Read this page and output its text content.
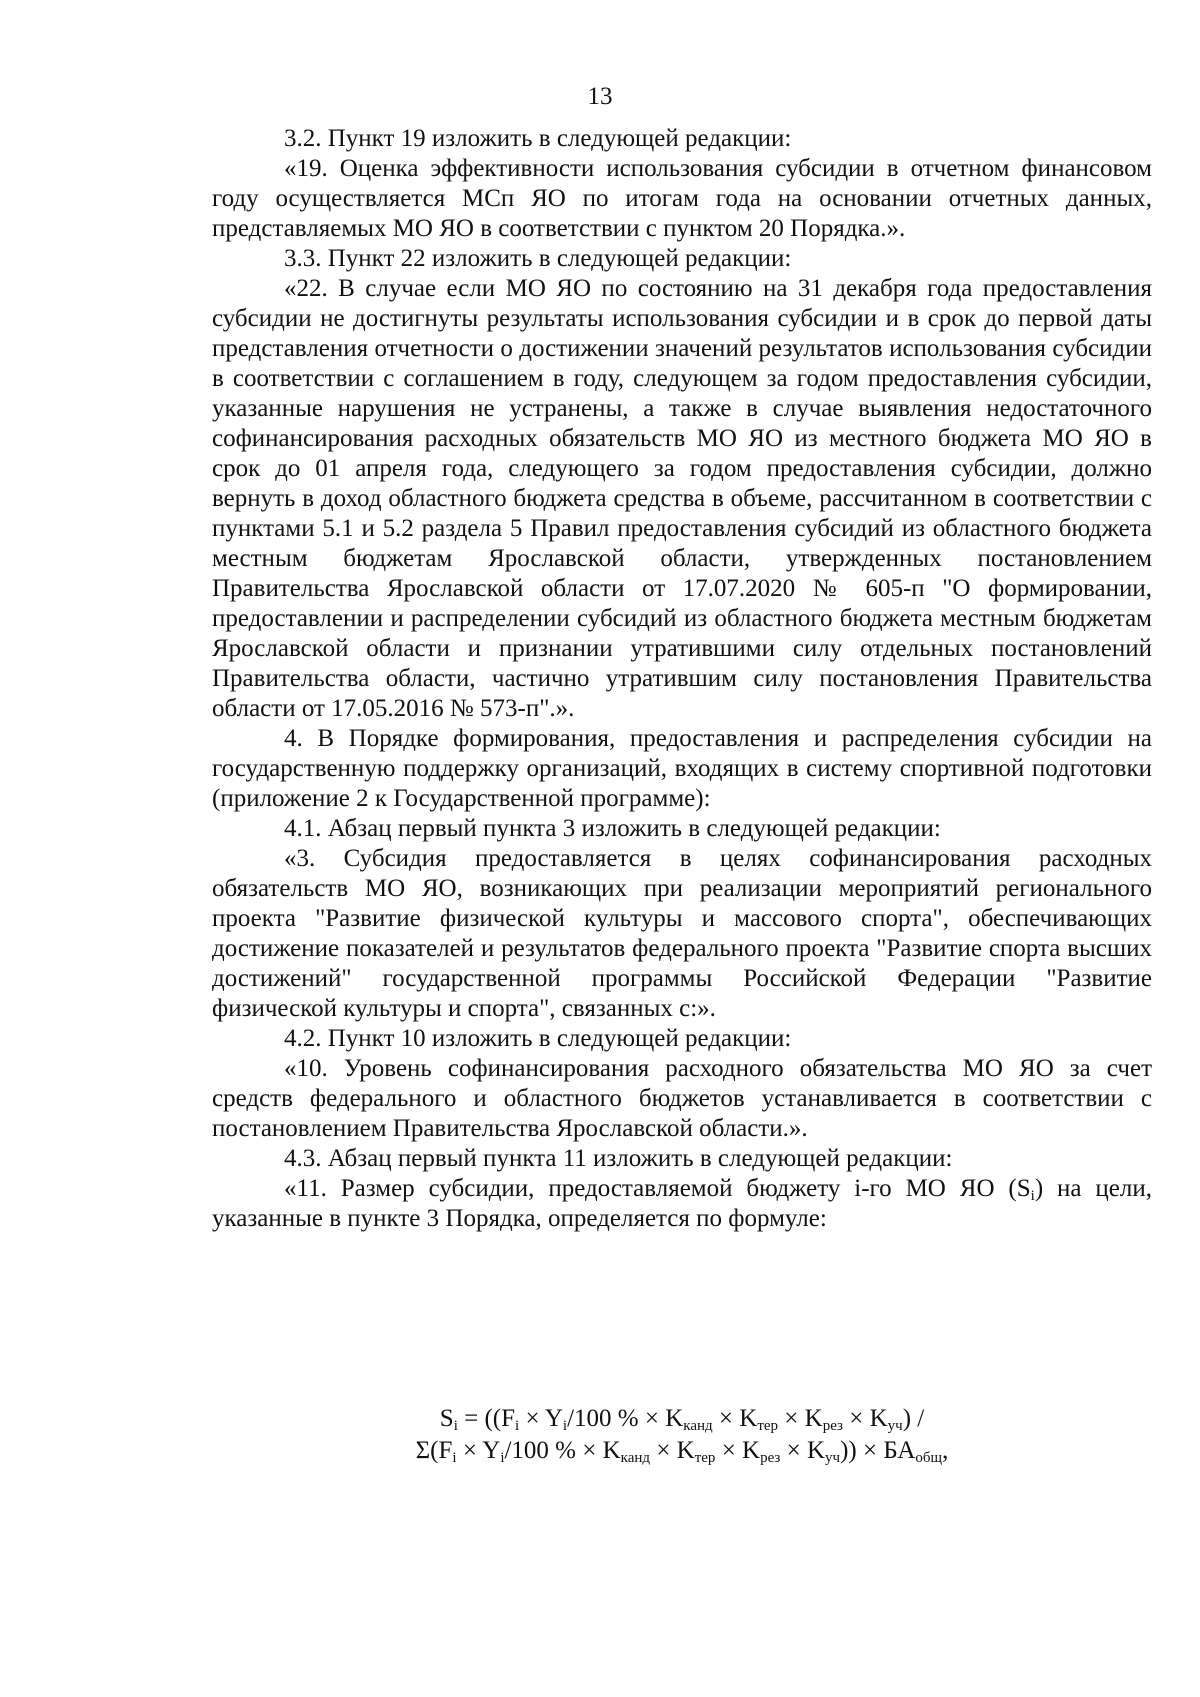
13

3.2. Пункт 19 изложить в следующей редакции:

«19. Оценка эффективности использования субсидии в отчетном финансовом году осуществляется МСп ЯО по итогам года на основании отчетных данных, представляемых МО ЯО в соответствии с пунктом 20 Порядка.».

3.3. Пункт 22 изложить в следующей редакции:

«22. В случае если МО ЯО по состоянию на 31 декабря года предоставления субсидии не достигнуты результаты использования субсидии и в срок до первой даты представления отчетности о достижении значений результатов использования субсидии в соответствии с соглашением в году, следующем за годом предоставления субсидии, указанные нарушения не устранены, а также в случае выявления недостаточного софинансирования расходных обязательств МО ЯО из местного бюджета МО ЯО в срок до 01 апреля года, следующего за годом предоставления субсидии, должно вернуть в доход областного бюджета средства в объеме, рассчитанном в соответствии с пунктами 5.1 и 5.2 раздела 5 Правил предоставления субсидий из областного бюджета местным бюджетам Ярославской области, утвержденных постановлением Правительства Ярославской области от 17.07.2020 № 605-п "О формировании, предоставлении и распределении субсидий из областного бюджета местным бюджетам Ярославской области и признании утратившими силу отдельных постановлений Правительства области, частично утратившим силу постановления Правительства области от 17.05.2016 № 573-п".».

4. В Порядке формирования, предоставления и распределения субсидии на государственную поддержку организаций, входящих в систему спортивной подготовки (приложение 2 к Государственной программе):

4.1. Абзац первый пункта 3 изложить в следующей редакции:

«3. Субсидия предоставляется в целях софинансирования расходных обязательств МО ЯО, возникающих при реализации мероприятий регионального проекта "Развитие физической культуры и массового спорта", обеспечивающих достижение показателей и результатов федерального проекта "Развитие спорта высших достижений" государственной программы Российской Федерации "Развитие физической культуры и спорта", связанных с:».

4.2. Пункт 10 изложить в следующей редакции:

«10. Уровень софинансирования расходного обязательства МО ЯО за счет средств федерального и областного бюджетов устанавливается в соответствии с постановлением Правительства Ярославской области.».

4.3. Абзац первый пункта 11 изложить в следующей редакции:

«11. Размер субсидии, предоставляемой бюджету i-го МО ЯО $(S_i)$ на цели, указанные в пункте 3 Порядка, определяется по формуле:

$S_i = ((F_i \times Y_i/100$ % × $K_{канд} \times K_{тер} \times K_{рез} \times K_{уч}$) /
$\Sigma(F_i \times Y_i/100$ % × $K_{канд} \times K_{тер} \times K_{рез} \times K_{уч})) \times БА_{общ}$,
